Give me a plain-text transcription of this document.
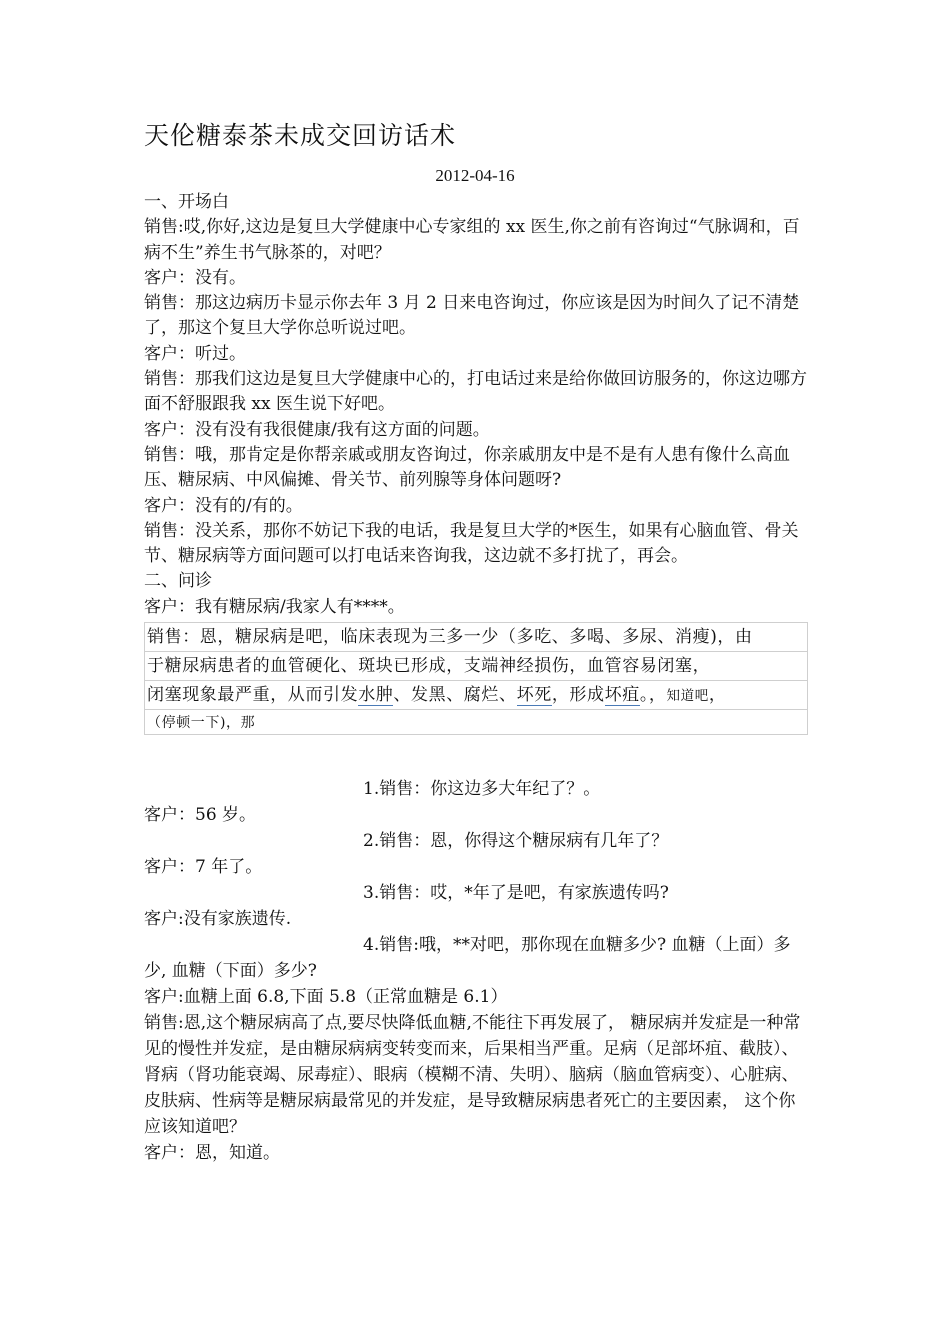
天伦糖泰茶未成交回访话术
2012-04-16

一、开场白

销售:哎,你好,这边是复旦大学健康中心专家组的 xx 医生,你之前有咨询过“气脉调和，百病不生”养生书气脉茶的，对吧？

客户：没有。

销售：那这边病历卡显示你去年 3 月 2 日来电咨询过，你应该是因为时间久了记不清楚了，那这个复旦大学你总听说过吧。

客户：听过。

销售：那我们这边是复旦大学健康中心的，打电话过来是给你做回访服务的，你这边哪方面不舒服跟我 xx 医生说下好吧。

客户：没有没有我很健康/我有这方面的问题。

销售：哦，那肯定是你帮亲戚或朋友咨询过，你亲戚朋友中是不是有人患有像什么高血压、糖尿病、中风偏摊、骨关节、前列腺等身体问题呀?

客户：没有的/有的。

销售：没关系，那你不妨记下我的电话，我是复旦大学的*医生，如果有心脑血管、骨关节、糖尿病等方面问题可以打电话来咨询我，这边就不多打扰了，再会。

二、问诊

客户：我有糖尿病/我家人有****。

销售：恩，糖尿病是吧，临床表现为三多一少（多吃、多喝、多尿、消瘦)，由
于糖尿病患者的血管硬化、斑块已形成，支端神经损伤，血管容易闭塞，
闭塞现象最严重，从而引发水肿、发黑、腐烂、坏死，形成坏疽。，知道吧，
（停顿一下)，那

1.销售：你这边多大年纪了？。

客户：56 岁。

2.销售：恩，你得这个糖尿病有几年了？

客户：7 年了。

3.销售：哎，*年了是吧，有家族遗传吗?

客户:没有家族遗传.

4.销售:哦，**对吧，那你现在血糖多少? 血糖（上面）多少, 血糖（下面）多少?

客户:血糖上面 6.8,下面 5.8（正常血糖是 6.1）

销售:恩,这个糖尿病高了点,要尽快降低血糖,不能往下再发展了， 糖尿病并发症是一种常见的慢性并发症，是由糖尿病病变转变而来，后果相当严重。足病（足部坏疽、截肢）、肾病（肾功能衰竭、尿毒症）、眼病（模糊不清、失明）、脑病（脑血管病变）、心脏病、皮肤病、性病等是糖尿病最常见的并发症，是导致糖尿病患者死亡的主要因素， 这个你应该知道吧？

客户：恩，知道。
